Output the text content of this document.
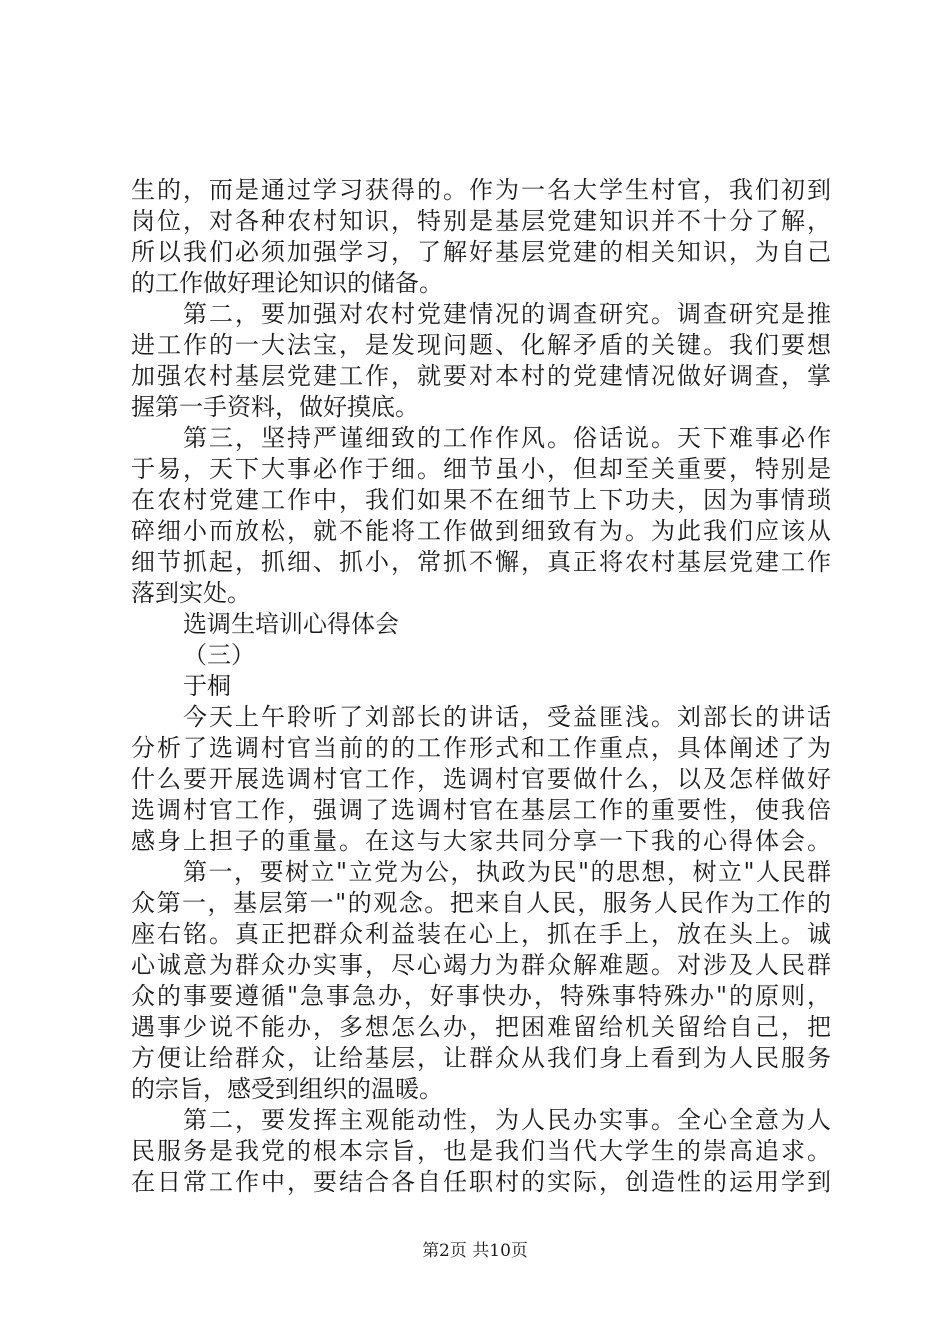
生的，而是通过学习获得的。作为一名大学生村官，我们初到
岗位，对各种农村知识，特别是基层党建知识并不十分了解，
所以我们必须加强学习，了解好基层党建的相关知识，为自己
的工作做好理论知识的储备。
第二，要加强对农村党建情况的调查研究。调查研究是推
进工作的一大法宝，是发现问题、化解矛盾的关键。我们要想
加强农村基层党建工作，就要对本村的党建情况做好调查，掌
握第一手资料，做好摸底。
第三，坚持严谨细致的工作作风。俗话说。天下难事必作
于易，天下大事必作于细。细节虽小，但却至关重要，特别是
在农村党建工作中，我们如果不在细节上下功夫，因为事情琐
碎细小而放松，就不能将工作做到细致有为。为此我们应该从
细节抓起，抓细、抓小，常抓不懈，真正将农村基层党建工作
落到实处。
选调生培训心得体会
（三）
于桐
今天上午聆听了刘部长的讲话，受益匪浅。刘部长的讲话
分析了选调村官当前的的工作形式和工作重点，具体阐述了为
什么要开展选调村官工作，选调村官要做什么，以及怎样做好
选调村官工作，强调了选调村官在基层工作的重要性，使我倍
感身上担子的重量。在这与大家共同分享一下我的心得体会。
第一，要树立"立党为公，执政为民"的思想，树立"人民群
众第一，基层第一"的观念。把来自人民，服务人民作为工作的
座右铭。真正把群众利益装在心上，抓在手上，放在头上。诚
心诚意为群众办实事，尽心竭力为群众解难题。对涉及人民群
众的事要遵循"急事急办，好事快办，特殊事特殊办"的原则，
遇事少说不能办，多想怎么办，把困难留给机关留给自己，把
方便让给群众，让给基层，让群众从我们身上看到为人民服务
的宗旨，感受到组织的温暖。
第二，要发挥主观能动性，为人民办实事。全心全意为人
民服务是我党的根本宗旨，也是我们当代大学生的崇高追求。
在日常工作中，要结合各自任职村的实际，创造性的运用学到
第2页 共10页
